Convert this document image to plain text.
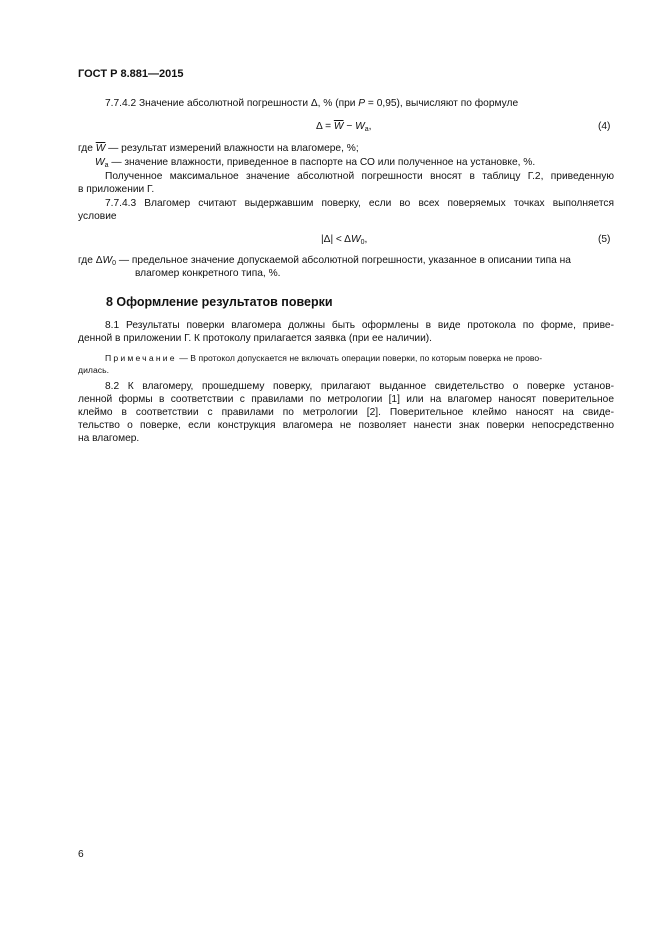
ГОСТ Р 8.881—2015
7.7.4.2 Значение абсолютной погрешности Δ, % (при P = 0,95), вычисляют по формуле
$\Delta = \overline{W} - W_a$,	(4)
где $\overline{W}$ — результат измерений влажности на влагомере, %;
$W_a$ — значение влажности, приведенное в паспорте на СО или полученное на установке, %.
Полученное максимальное значение абсолютной погрешности вносят в таблицу Г.2, приведенную
в приложении Г.
7.7.4.3 Влагомер считают выдержавшим поверку, если во всех поверяемых точках выполняется
условие
$|\Delta| < \Delta W_0$,	(5)
где $\Delta W_0$ — предельное значение допускаемой абсолютной погрешности, указанное в описании типа на
влагомер конкретного типа, %.
8 Оформление результатов поверки
8.1 Результаты поверки влагомера должны быть оформлены в виде протокола по форме, приве-
денной в приложении Г. К протоколу прилагается заявка (при ее наличии).
Примечание — В протокол допускается не включать операции поверки, по которым поверка не прово-
дилась.
8.2 К влагомеру, прошедшему поверку, прилагают выданное свидетельство о поверке установ-
ленной формы в соответствии с правилами по метрологии [1] или на влагомер наносят поверительное
клеймо в соответствии с правилами по метрологии [2]. Поверительное клеймо наносят на свиде-
тельство о поверке, если конструкция влагомера не позволяет нанести знак поверки непосредственно
на влагомер.
6
